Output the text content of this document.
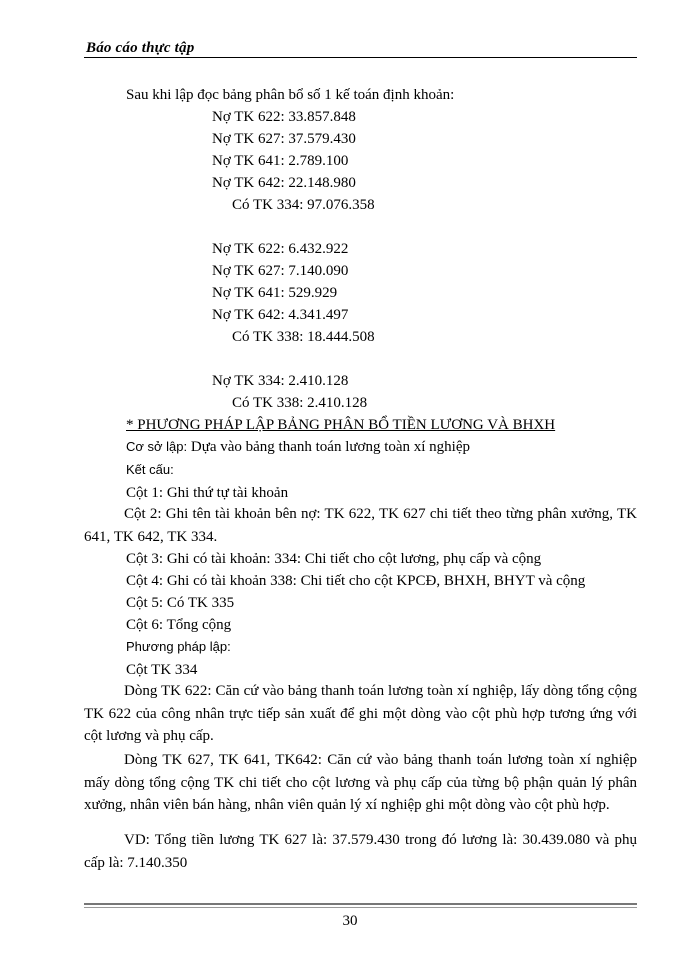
Báo cáo thực tập
Sau khi lập đọc bảng phân bổ số 1 kế toán định khoản:
Nợ TK 622: 33.857.848
Nợ TK 627: 37.579.430
Nợ TK 641: 2.789.100
Nợ TK 642: 22.148.980
Có TK 334: 97.076.358
Nợ TK 622: 6.432.922
Nợ TK 627: 7.140.090
Nợ TK 641: 529.929
Nợ TK 642: 4.341.497
Có TK 338: 18.444.508
Nợ TK 334: 2.410.128
Có TK 338: 2.410.128
* PHƯƠNG PHÁP LẬP BẢNG PHÂN BỔ TIỀN LƯƠNG VÀ BHXH
Cơ sở lập: Dựa vào bảng thanh toán lương toàn xí nghiệp
Kết cấu:
Cột 1: Ghi thứ tự tài khoản
Cột 2: Ghi tên tài khoản bên nợ: TK 622, TK 627 chi tiết theo từng phân xưởng, TK 641, TK 642, TK 334.
Cột 3: Ghi có tài khoản: 334: Chi tiết cho cột lương, phụ cấp và cộng
Cột 4: Ghi có tài khoản 338: Chi tiết cho cột KPCĐ, BHXH, BHYT và cộng
Cột 5: Có TK 335
Cột 6: Tổng cộng
Phương pháp lập:
Cột TK 334
Dòng TK 622: Căn cứ vào bảng thanh toán lương toàn xí nghiệp, lấy dòng tổng cộng TK 622 của công nhân trực tiếp sản xuất để ghi một dòng vào cột phù hợp tương ứng với cột lương và phụ cấp.
Dòng TK 627, TK 641, TK642: Căn cứ vào bảng thanh toán lương toàn xí nghiệp mấy dòng tổng cộng TK chi tiết cho cột lương và phụ cấp của từng bộ phận quản lý phân xưởng, nhân viên bán hàng, nhân viên quản lý xí nghiệp ghi một dòng vào cột phù hợp.
VD: Tổng tiền lương TK 627 là: 37.579.430 trong đó lương là: 30.439.080 và phụ cấp là: 7.140.350
30
